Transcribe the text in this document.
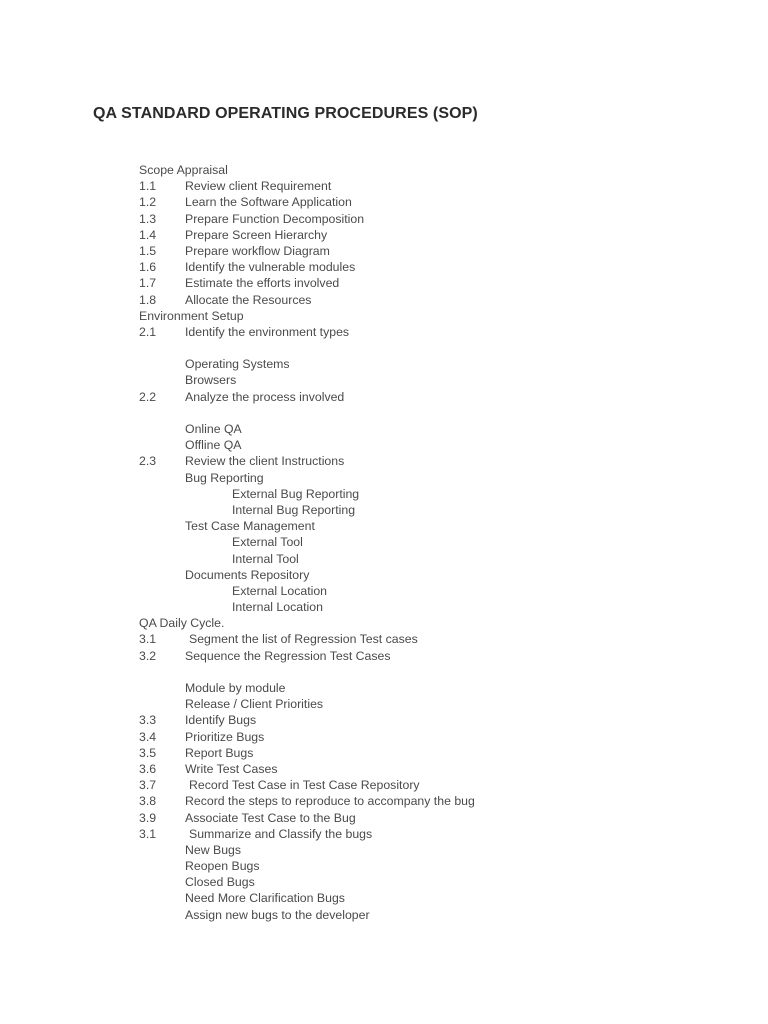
QA STANDARD OPERATING PROCEDURES (SOP)
Scope Appraisal
1.1 Review client Requirement
1.2 Learn the Software Application
1.3 Prepare Function Decomposition
1.4 Prepare Screen Hierarchy
1.5 Prepare workflow Diagram
1.6 Identify the vulnerable modules
1.7 Estimate the efforts involved
1.8 Allocate the Resources
Environment Setup
2.1 Identify the environment types
Operating Systems
Browsers
2.2 Analyze the process involved
Online QA
Offline QA
2.3 Review the client Instructions
Bug Reporting
External Bug Reporting
Internal Bug Reporting
Test Case Management
External Tool
Internal Tool
Documents Repository
External Location
Internal Location
QA Daily Cycle.
3.1	Segment the list of Regression Test cases
3.2 Sequence the Regression Test Cases
Module by module
Release / Client Priorities
3.3 Identify Bugs
3.4 Prioritize Bugs
3.5 Report Bugs
3.6 Write Test Cases
3.7	Record Test Case in Test Case Repository
3.8 Record the steps to reproduce to accompany the bug
3.9 Associate Test Case to the Bug
3.1	Summarize and Classify the bugs
New Bugs
Reopen Bugs
Closed Bugs
Need More Clarification Bugs
Assign new bugs to the developer
